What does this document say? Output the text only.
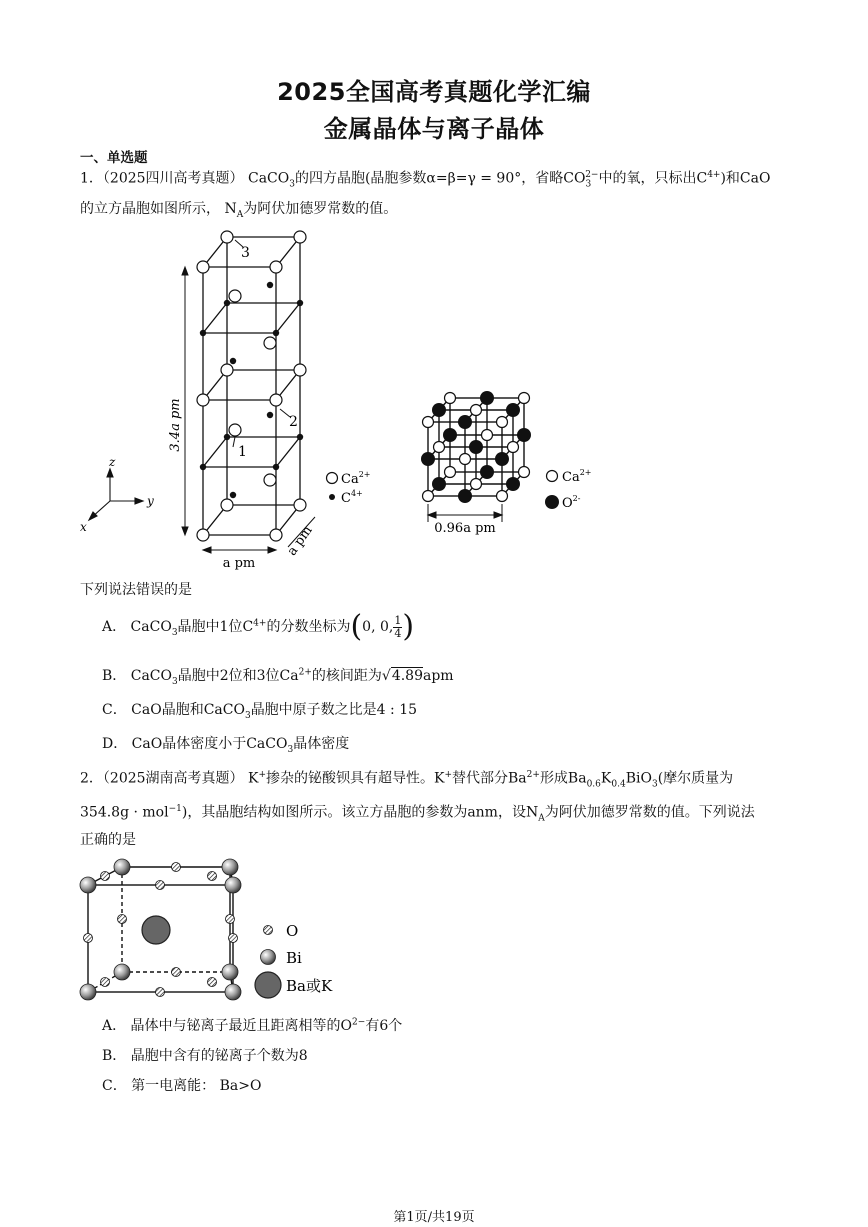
2025全国高考真题化学汇编
金属晶体与离子晶体
一、单选题
1．（2025四川高考真题） CaCO$_3$的四方晶胞(晶胞参数α=β=γ = 90°，省略$CO_3^{2-}$中的氧，只标出$C^{4+}$)和CaO
的立方晶胞如图所示， $N_A$为阿伏加德罗常数的值。
3
2
1
3.4a pm
a pm
a pm
z
y
x
$Ca^{2+}$
$C^{4+}$
0.96a pm
$Ca^{2+}$
$O^{2-}$
下列说法错误的是
A． CaCO$_3$晶胞中1位$C^{4+}$的分数坐标为(0, 0, $\frac{1}{4}$ )
B． CaCO$_3$晶胞中2位和3位$Ca^{2+}$的核间距为√4.89apm
C． CaO晶胞和CaCO$_3$晶胞中原子数之比是4 : 15
D． CaO晶体密度小于CaCO$_3$晶体密度
2．（2025湖南高考真题） K+掺杂的铋酸钡具有超导性。K+替代部分$Ba^{2+}$形成$Ba_{0.6}K_{0.4}BiO_3$(摩尔质量为
354.8g · mol$^{-1}$)，其晶胞结构如图所示。该立方晶胞的参数为anm，设$N_A$为阿伏加德罗常数的值。下列说法
正确的是
O
Bi
Ba或K
A． 晶体中与铋离子最近且距离相等的$O^{2-}$有6个
B． 晶胞中含有的铋离子个数为8
C． 第一电离能： Ba>O
第1页/共19页
